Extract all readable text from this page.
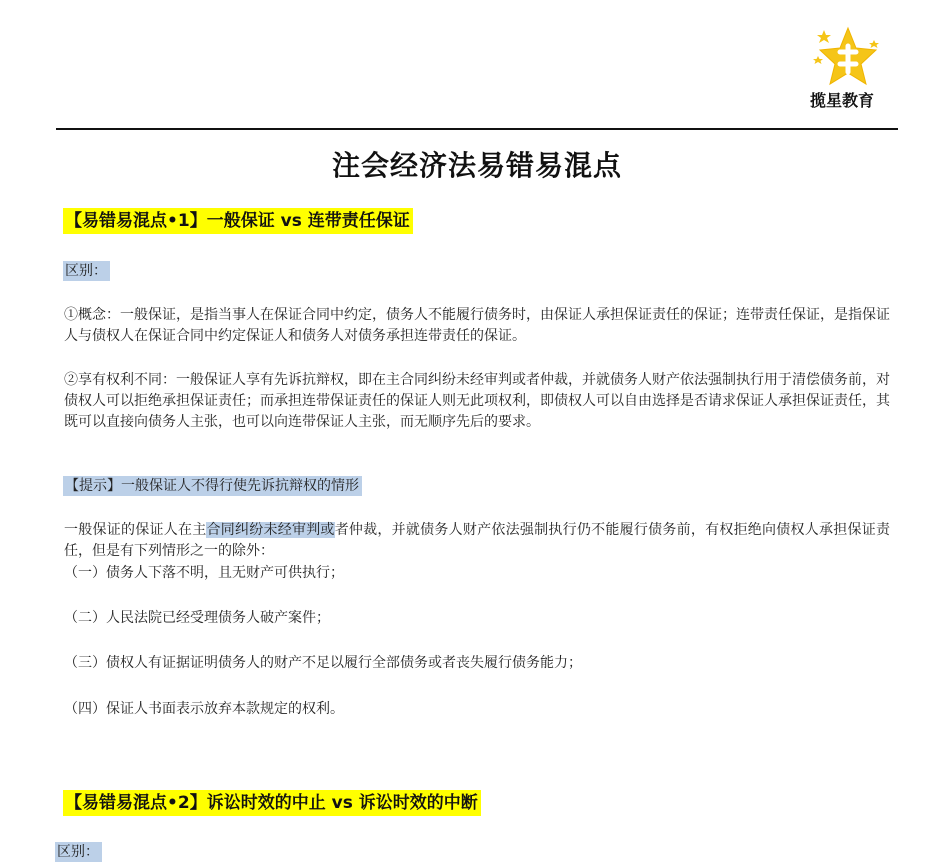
揽星教育
注会经济法易错易混点
【易错易混点•1】一般保证 vs 连带责任保证
区别：
①概念：一般保证，是指当事人在保证合同中约定，债务人不能履行债务时，由保证人承担保证责任的保证；连带责任保证，是指保证人与债权人在保证合同中约定保证人和债务人对债务承担连带责任的保证。
②享有权利不同：一般保证人享有先诉抗辩权，即在主合同纠纷未经审判或者仲裁，并就债务人财产依法强制执行用于清偿债务前，对债权人可以拒绝承担保证责任；而承担连带保证责任的保证人则无此项权利，即债权人可以自由选择是否请求保证人承担保证责任，其既可以直接向债务人主张，也可以向连带保证人主张，而无顺序先后的要求。
【提示】一般保证人不得行使先诉抗辩权的情形
一般保证的保证人在主合同纠纷未经审判或者仲裁，并就债务人财产依法强制执行仍不能履行债务前，有权拒绝向债权人承担保证责任，但是有下列情形之一的除外：
（一）债务人下落不明，且无财产可供执行；
（二）人民法院已经受理债务人破产案件；
（三）债权人有证据证明债务人的财产不足以履行全部债务或者丧失履行债务能力；
（四）保证人书面表示放弃本款规定的权利。
【易错易混点•2】诉讼时效的中止 vs 诉讼时效的中断
区别：
